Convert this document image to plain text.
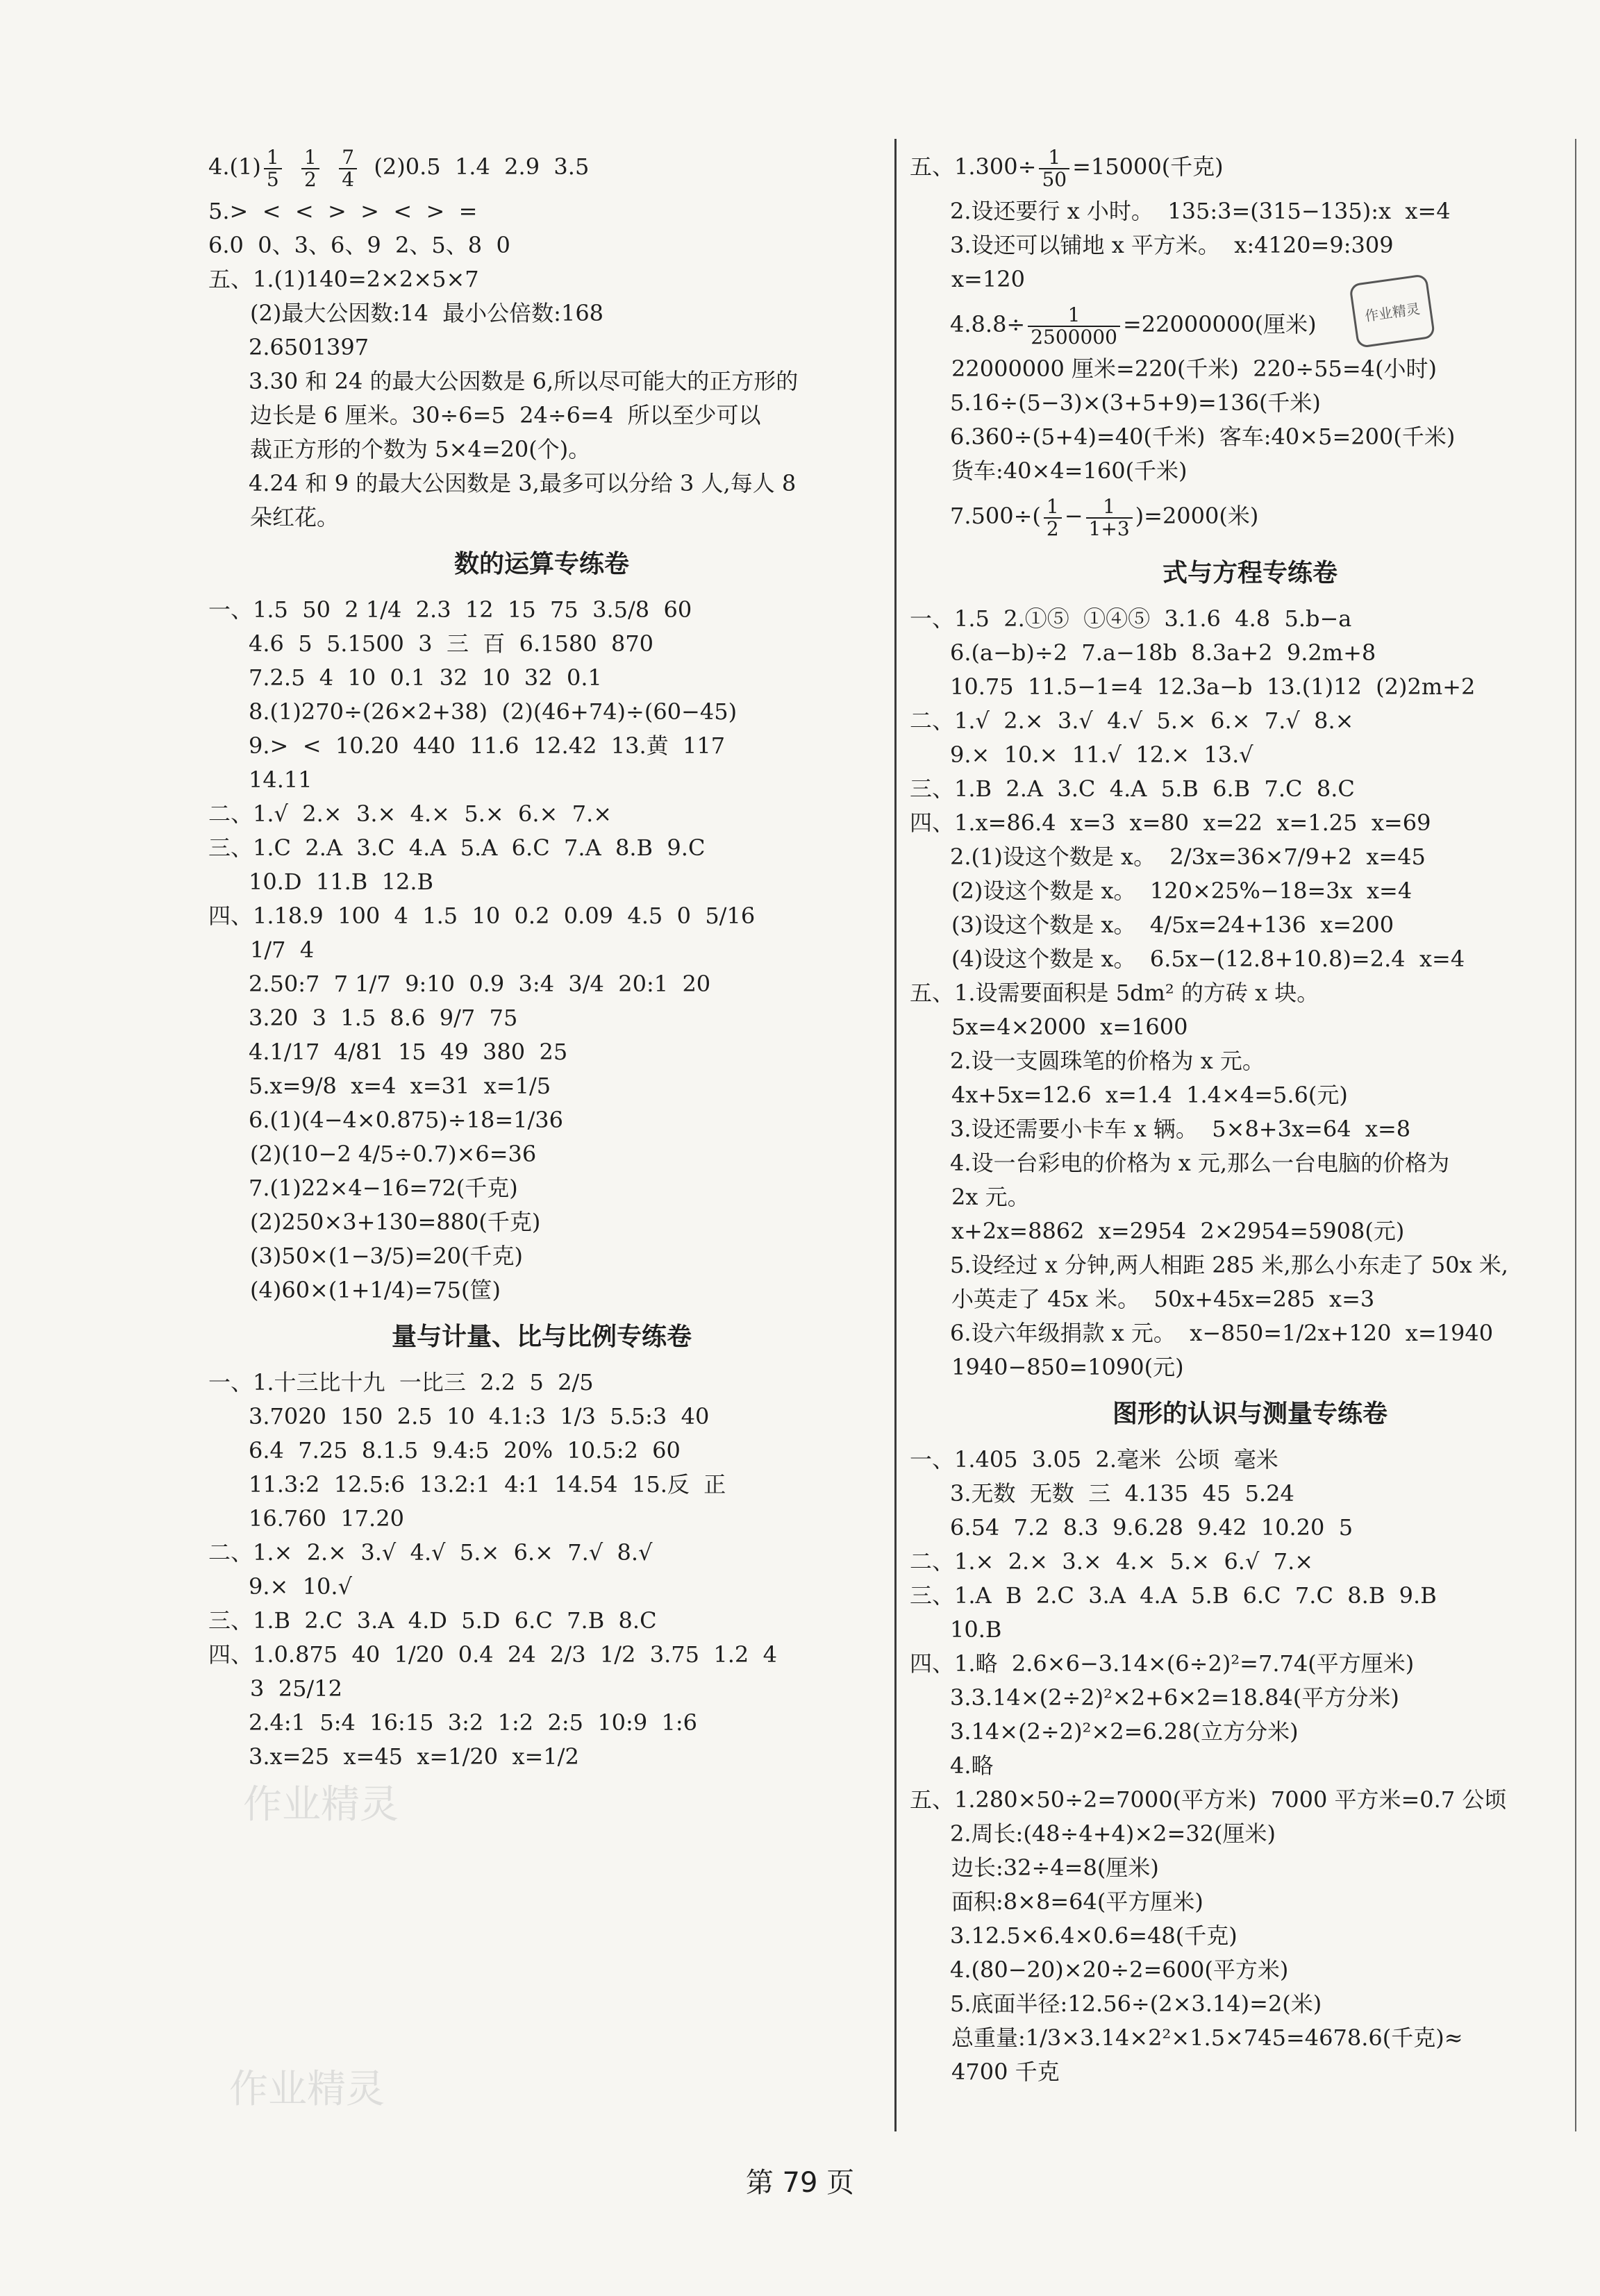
$4.(1) \frac{1}{5}$
$\frac{1}{2}$
$\frac{7}{4} (2)0.5$  1.4  2.9  3.5
5.>  <  <  >  >  <  >  =
6.0  0、3、6、9  2、5、8  0
五、1.(1)140=2×2×5×7
(2)最大公因数:14  最小公倍数:168
2.6501397
3.30 和 24 的最大公因数是 6,所以尽可能大的正方形的
边长是 6 厘米。30÷6=5  24÷6=4  所以至少可以
裁正方形的个数为 5×4=20(个)。
4.24 和 9 的最大公因数是 3,最多可以分给 3 人,每人 8
朵红花。
数的运算专练卷
一、1.5  50  2 1/4  2.3  12  15  75  3.5/8  60
4.6  5  5.1500  3  三  百  6.1580  870
7.2.5  4  10  0.1  32  10  32  0.1
8.(1)270÷(26×2+38)  (2)(46+74)÷(60−45)
9.>  <  10.20  440  11.6  12.42  13.黄  117
14.11
二、1.√  2.×  3.×  4.×  5.×  6.×  7.×
三、1.C  2.A  3.C  4.A  5.A  6.C  7.A  8.B  9.C
10.D  11.B  12.B
四、1.18.9  100  4  1.5  10  0.2  0.09  4.5  0  5/16
1/7  4
2.50:7  7 1/7  9:10  0.9  3:4  3/4  20:1  20
3.20  3  1.5  8.6  9/7  75
4.1/17  4/81  15  49  380  25
5.x=9/8  x=4  x=31  x=1/5
6.(1)(4−4×0.875)÷18=1/36
(2)(10−2 4/5÷0.7)×6=36
7.(1)22×4−16=72(千克)
(2)250×3+130=880(千克)
(3)50×(1−3/5)=20(千克)
(4)60×(1+1/4)=75(筐)
量与计量、比与比例专练卷
一、1.十三比十九  一比三  2.2  5  2/5
3.7020  150  2.5  10  4.1:3  1/3  5.5:3  40
6.4  7.25  8.1.5  9.4:5  20%  10.5:2  60
11.3:2  12.5:6  13.2:1  4:1  14.54  15.反  正
16.760  17.20
二、1.×  2.×  3.√  4.√  5.×  6.×  7.√  8.√
9.×  10.√
三、1.B  2.C  3.A  4.D  5.D  6.C  7.B  8.C
四、1.0.875  40  1/20  0.4  24  2/3  1/2  3.75  1.2  4
3  25/12
2.4:1  5:4  16:15  3:2  1:2  2:5  10:9  1:6
3.x=25  x=45  x=1/20  x=1/2
五、$1.300\div \frac{1}{50} =15000$(千克)
2.设还要行 x 小时。  135:3=(315−135):x  x=4
3.设还可以铺地 x 平方米。  x:4120=9:309
x=120
$4.8.8\div \frac{1}{2500000} =22000000$(厘米)
22000000 厘米=220(千米)  220÷55=4(小时)
5.16÷(5−3)×(3+5+9)=136(千米)
6.360÷(5+4)=40(千米)  客车:40×5=200(千米)
货车:40×4=160(千米)
$7.500\div( \frac{1}{2} - \frac{1}{1+3} )=2000$(米)
式与方程专练卷
一、1.5  2.①⑤  ①④⑤  3.1.6  4.8  5.b−a
6.(a−b)÷2  7.a−18b  8.3a+2  9.2m+8
10.75  11.5−1=4  12.3a−b  13.(1)12  (2)2m+2
二、1.√  2.×  3.√  4.√  5.×  6.×  7.√  8.×
9.×  10.×  11.√  12.×  13.√
三、1.B  2.A  3.C  4.A  5.B  6.B  7.C  8.C
四、1.x=86.4  x=3  x=80  x=22  x=1.25  x=69
2.(1)设这个数是 x。  2/3x=36×7/9+2  x=45
(2)设这个数是 x。  120×25%−18=3x  x=4
(3)设这个数是 x。  4/5x=24+136  x=200
(4)设这个数是 x。  6.5x−(12.8+10.8)=2.4  x=4
五、1.设需要面积是 5dm² 的方砖 x 块。
5x=4×2000  x=1600
2.设一支圆珠笔的价格为 x 元。
4x+5x=12.6  x=1.4  1.4×4=5.6(元)
3.设还需要小卡车 x 辆。  5×8+3x=64  x=8
4.设一台彩电的价格为 x 元,那么一台电脑的价格为
2x 元。
x+2x=8862  x=2954  2×2954=5908(元)
5.设经过 x 分钟,两人相距 285 米,那么小东走了 50x 米,
小英走了 45x 米。  50x+45x=285  x=3
6.设六年级捐款 x 元。  x−850=1/2x+120  x=1940
1940−850=1090(元)
图形的认识与测量专练卷
一、1.405  3.05  2.毫米  公顷  毫米
3.无数  无数  三  4.135  45  5.24
6.54  7.2  8.3  9.6.28  9.42  10.20  5
二、1.×  2.×  3.×  4.×  5.×  6.√  7.×
三、1.A  B  2.C  3.A  4.A  5.B  6.C  7.C  8.B  9.B
10.B
四、1.略  2.6×6−3.14×(6÷2)²=7.74(平方厘米)
3.3.14×(2÷2)²×2+6×2=18.84(平方分米)
3.14×(2÷2)²×2=6.28(立方分米)
4.略
五、1.280×50÷2=7000(平方米)  7000 平方米=0.7 公顷
2.周长:(48÷4+4)×2=32(厘米)
边长:32÷4=8(厘米)
面积:8×8=64(平方厘米)
3.12.5×6.4×0.6=48(千克)
4.(80−20)×20÷2=600(平方米)
5.底面半径:12.56÷(2×3.14)=2(米)
总重量:1/3×3.14×2²×1.5×745=4678.6(千克)≈
4700 千克
作业精灵
作业精灵
作业精灵
第 79 页
